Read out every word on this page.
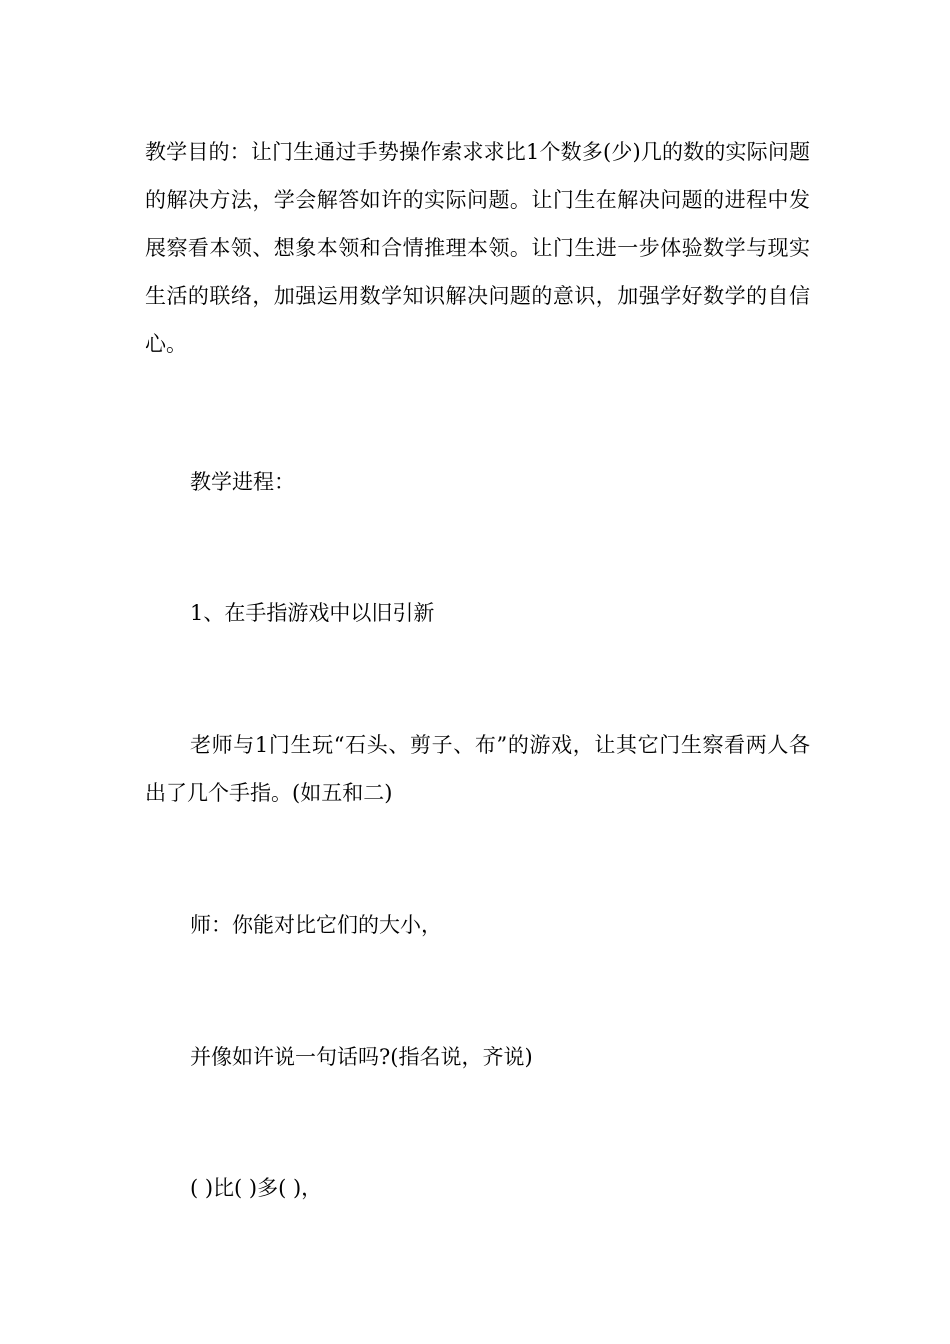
教学目的：让门生通过手势操作索求求比1个数多(少)几的数的实际问题的解决方法，学会解答如许的实际问题。让门生在解决问题的进程中发展察看本领、想象本领和合情推理本领。让门生进一步体验数学与现实生活的联络，加强运用数学知识解决问题的意识，加强学好数学的自信心。

教学进程：

1、在手指游戏中以旧引新

老师与1门生玩“石头、剪子、布”的游戏，让其它门生察看两人各出了几个手指。(如五和二)

师：你能对比它们的大小，

并像如许说一句话吗?(指名说，齐说)

( )比( )多( )，
